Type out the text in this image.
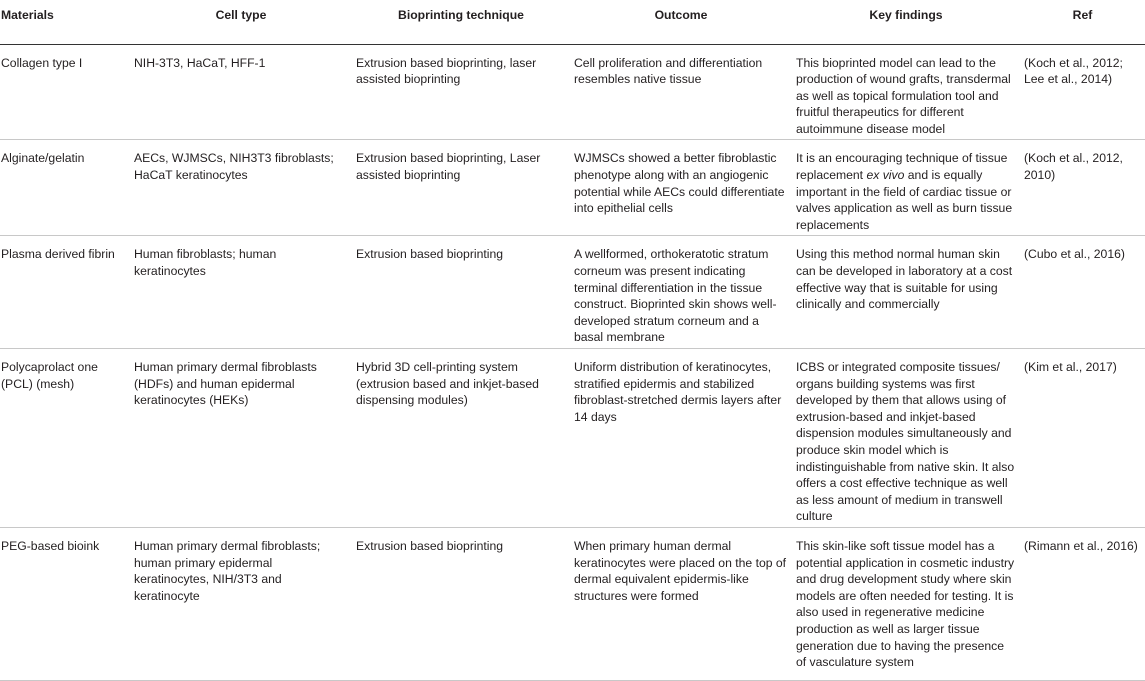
Materials	Cell type	Bioprinting technique	Outcome	Key findings	Ref
Collagen type I	NIH-3T3, HaCaT, HFF-1	Extrusion based bioprinting, laser assisted bioprinting	Cell proliferation and differentiation resembles native tissue	This bioprinted model can lead to the production of wound grafts, transdermal as well as topical formulation tool and fruitful therapeutics for different autoimmune disease model	(Koch et al., 2012; Lee et al., 2014)
Alginate/gelatin	AECs, WJMSCs, NIH3T3 fibroblasts; HaCaT keratinocytes	Extrusion based bioprinting, Laser assisted bioprinting	WJMSCs showed a better fibroblastic phenotype along with an angiogenic potential while AECs could differentiate into epithelial cells	It is an encouraging technique of tissue replacement ex vivo and is equally important in the field of cardiac tissue or valves application as well as burn tissue replacements	(Koch et al., 2012, 2010)
Plasma derived fibrin	Human fibroblasts; human keratinocytes	Extrusion based bioprinting	A wellformed, orthokeratotic stratum corneum was present indicating terminal differentiation in the tissue construct. Bioprinted skin shows well-developed stratum corneum and a basal membrane	Using this method normal human skin can be developed in laboratory at a cost effective way that is suitable for using clinically and commercially	(Cubo et al., 2016)
Polycaprolact one (PCL) (mesh)	Human primary dermal fibroblasts (HDFs) and human epidermal keratinocytes (HEKs)	Hybrid 3D cell-printing system (extrusion based and inkjet-based dispensing modules)	Uniform distribution of keratinocytes, stratified epidermis and stabilized fibroblast-stretched dermis layers after 14 days	ICBS or integrated composite tissues/ organs building systems was first developed by them that allows using of extrusion-based and inkjet-based dispension modules simultaneously and produce skin model which is indistinguishable from native skin. It also offers a cost effective technique as well as less amount of medium in transwell culture	(Kim et al., 2017)
PEG-based bioink	Human primary dermal fibroblasts; human primary epidermal keratinocytes, NIH/3T3 and keratinocyte	Extrusion based bioprinting	When primary human dermal keratinocytes were placed on the top of dermal equivalent epidermis-like structures were formed	This skin-like soft tissue model has a potential application in cosmetic industry and drug development study where skin models are often needed for testing. It is also used in regenerative medicine production as well as larger tissue generation due to having the presence of vasculature system	(Rimann et al., 2016)
